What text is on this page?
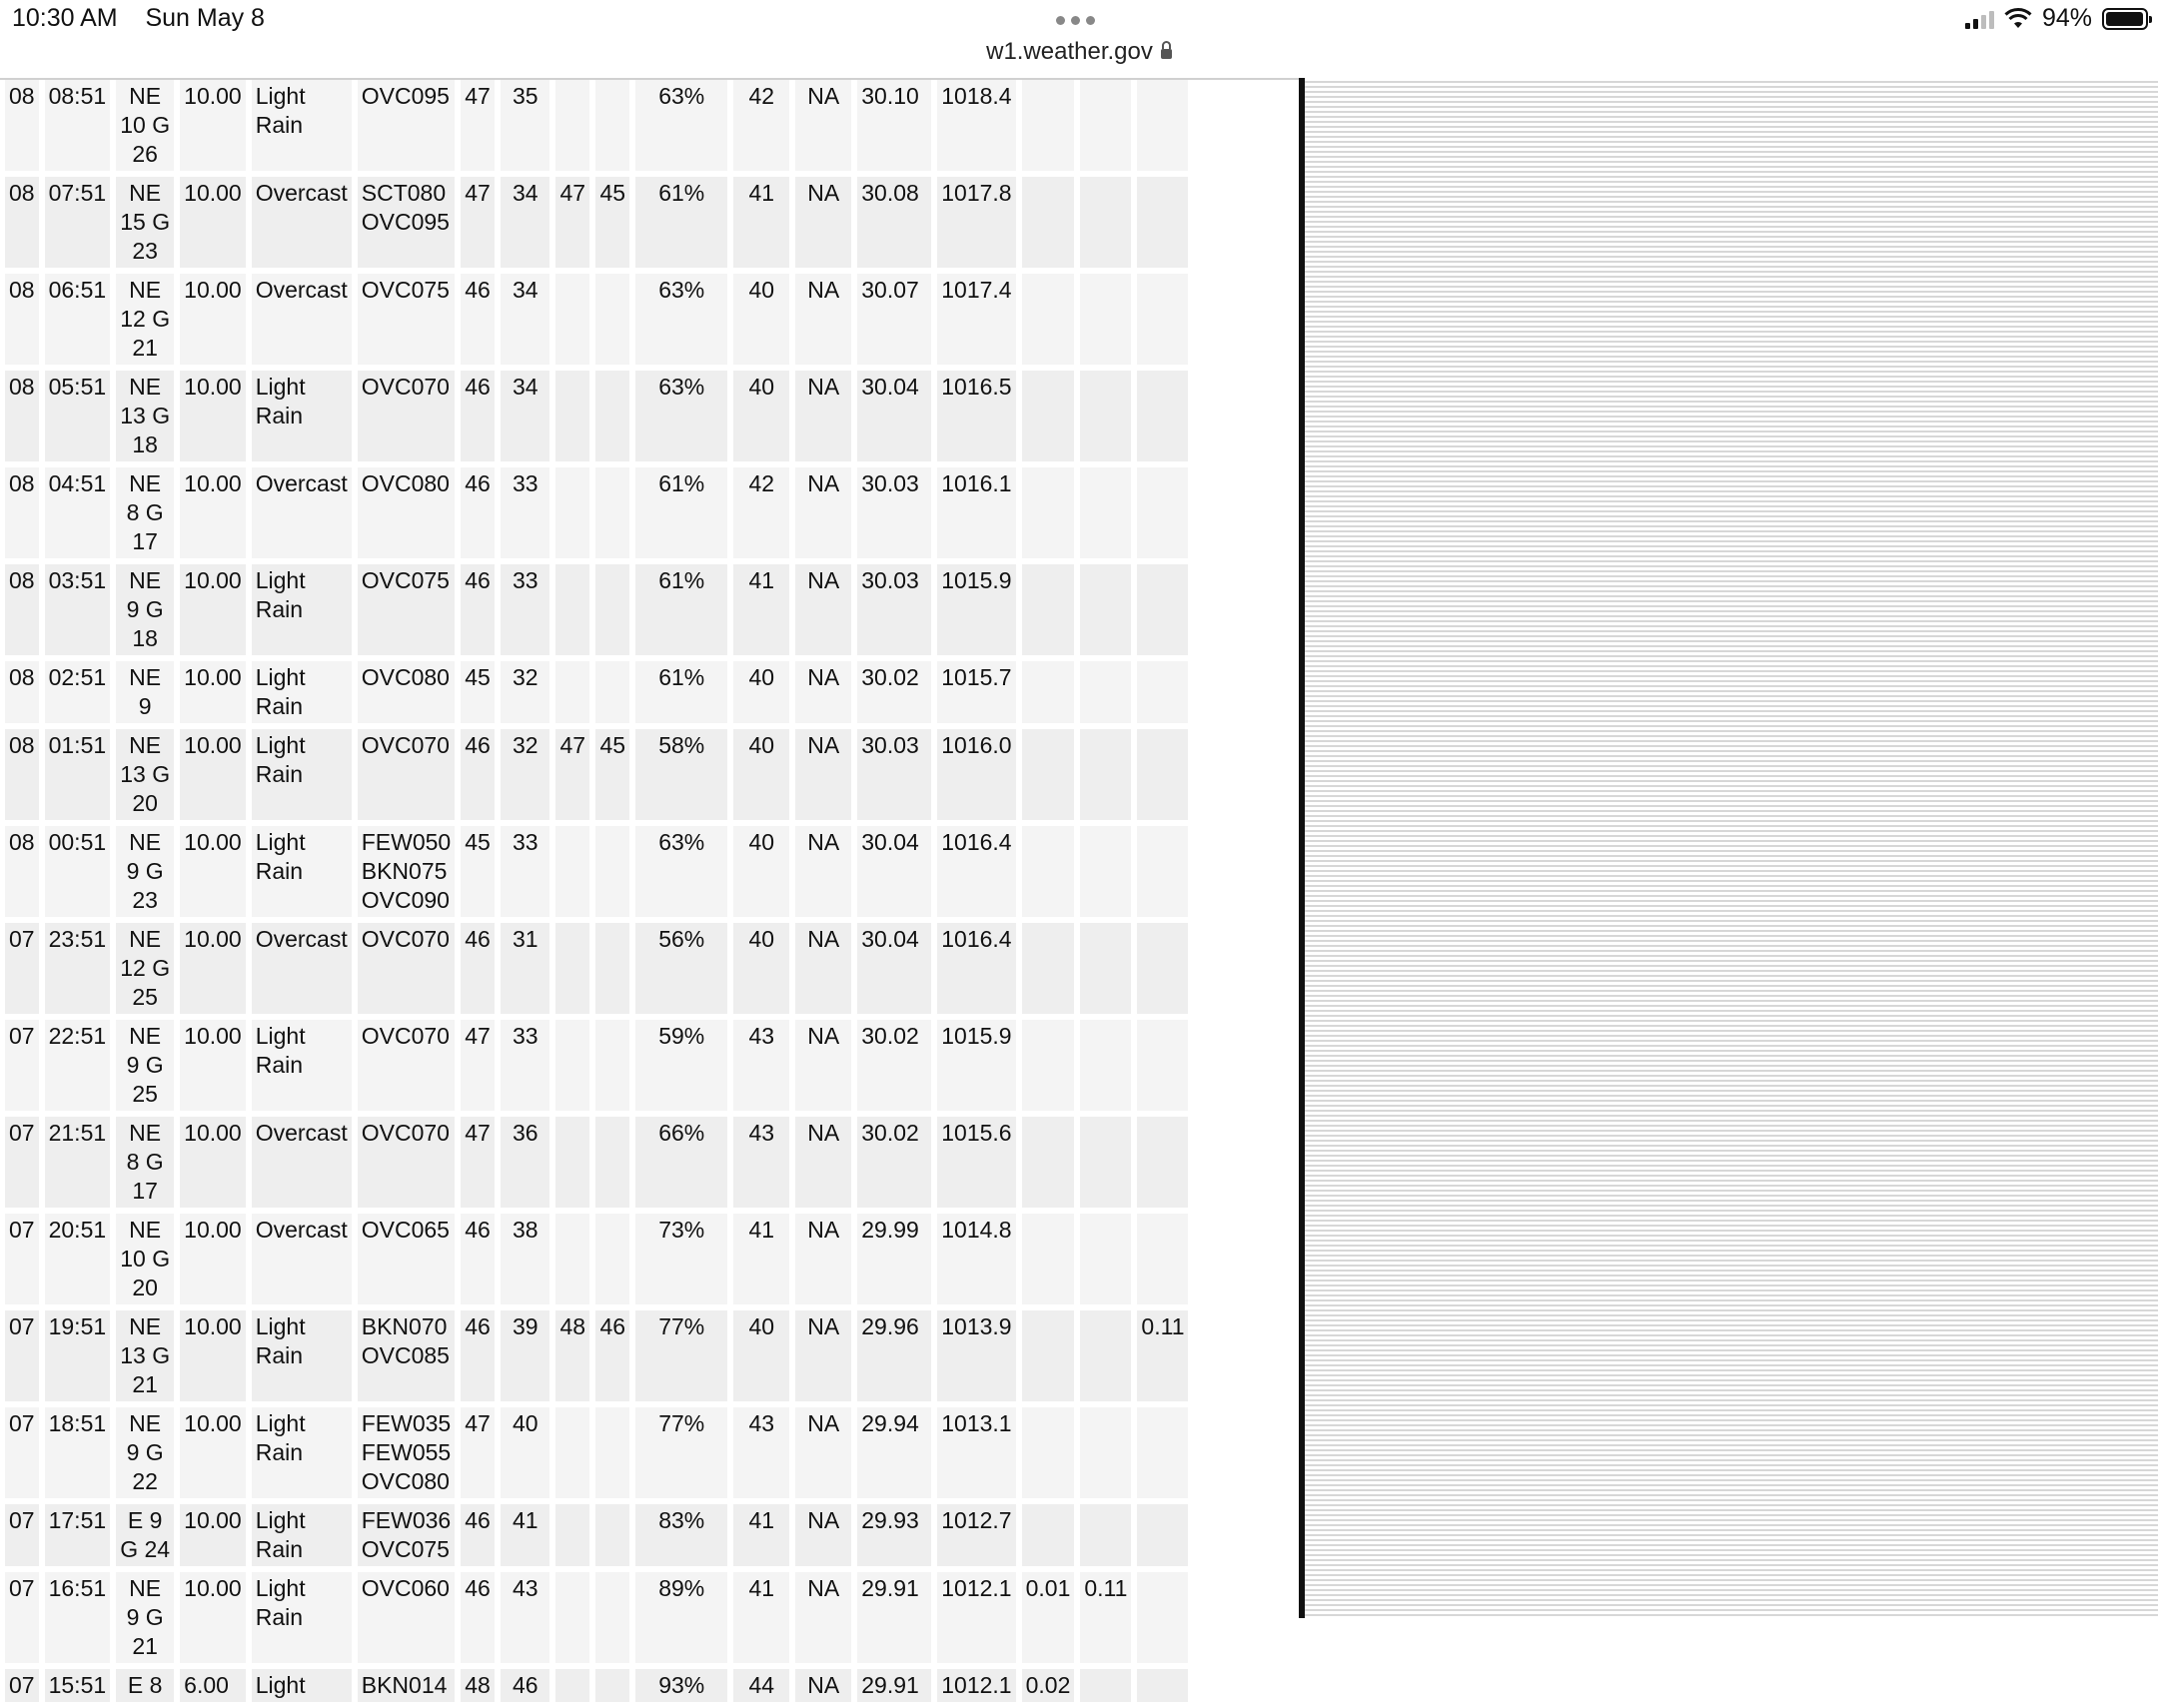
10:30 AM Sun May 8	94%
w1.weather.gov
08	08:51	NE 10 G 26	10.00	Light Rain	OVC095	47	35			63%	42	NA	30.10	1018.4			
08	07:51	NE 15 G 23	10.00	Overcast	SCT080 OVC095	47	34	47	45	61%	41	NA	30.08	1017.8			
08	06:51	NE 12 G 21	10.00	Overcast	OVC075	46	34			63%	40	NA	30.07	1017.4			
08	05:51	NE 13 G 18	10.00	Light Rain	OVC070	46	34			63%	40	NA	30.04	1016.5			
08	04:51	NE 8 G 17	10.00	Overcast	OVC080	46	33			61%	42	NA	30.03	1016.1			
08	03:51	NE 9 G 18	10.00	Light Rain	OVC075	46	33			61%	41	NA	30.03	1015.9			
08	02:51	NE 9	10.00	Light Rain	OVC080	45	32			61%	40	NA	30.02	1015.7			
08	01:51	NE 13 G 20	10.00	Light Rain	OVC070	46	32	47	45	58%	40	NA	30.03	1016.0			
08	00:51	NE 9 G 23	10.00	Light Rain	FEW050 BKN075 OVC090	45	33			63%	40	NA	30.04	1016.4			
07	23:51	NE 12 G 25	10.00	Overcast	OVC070	46	31			56%	40	NA	30.04	1016.4			
07	22:51	NE 9 G 25	10.00	Light Rain	OVC070	47	33			59%	43	NA	30.02	1015.9			
07	21:51	NE 8 G 17	10.00	Overcast	OVC070	47	36			66%	43	NA	30.02	1015.6			
07	20:51	NE 10 G 20	10.00	Overcast	OVC065	46	38			73%	41	NA	29.99	1014.8			
07	19:51	NE 13 G 21	10.00	Light Rain	BKN070 OVC085	46	39	48	46	77%	40	NA	29.96	1013.9			0.11
07	18:51	NE 9 G 22	10.00	Light Rain	FEW035 FEW055 OVC080	47	40			77%	43	NA	29.94	1013.1			
07	17:51	E 9 G 24	10.00	Light Rain	FEW036 OVC075	46	41			83%	41	NA	29.93	1012.7			
07	16:51	NE 9 G 21	10.00	Light Rain	OVC060	46	43			89%	41	NA	29.91	1012.1	0.01	0.11	
07	15:51	E 8	6.00	Light	BKN014	48	46			93%	44	NA	29.91	1012.1	0.02		
